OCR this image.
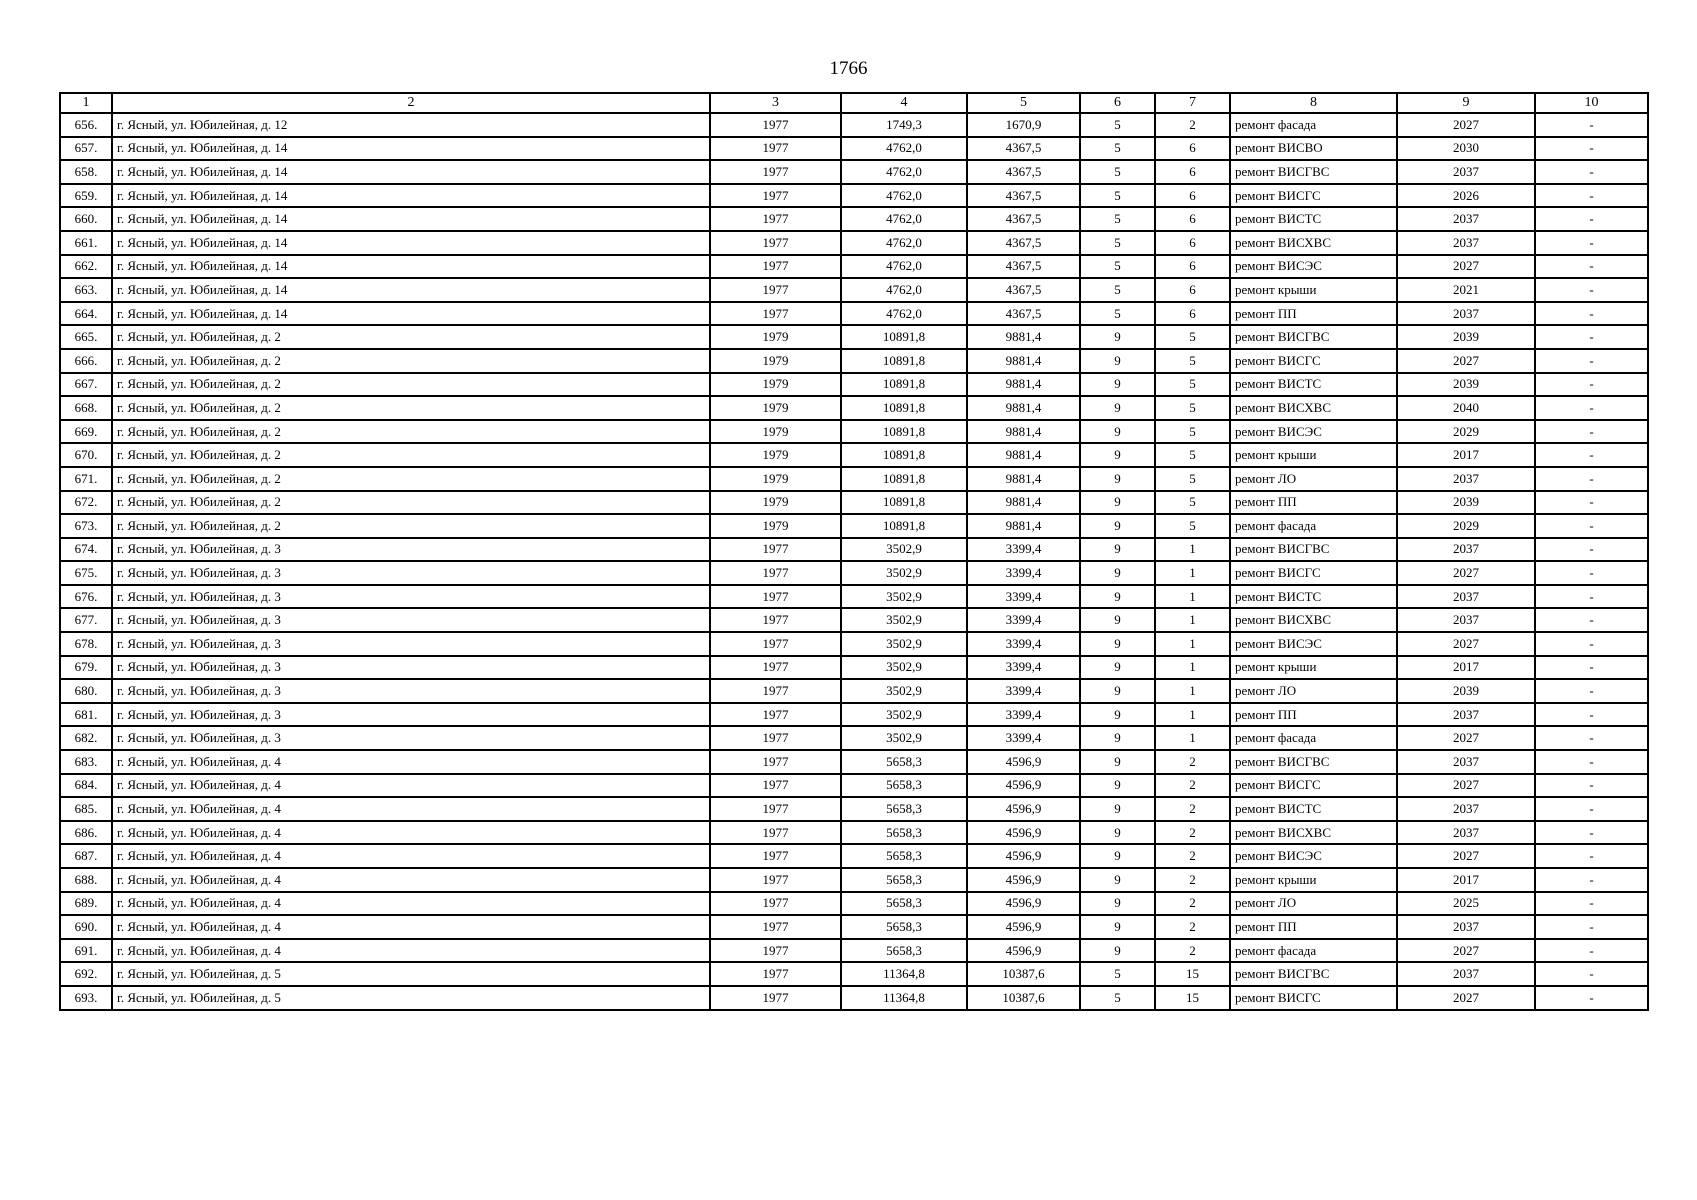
1766
1	2	3	4	5	6	7	8	9	10
656.	г. Ясный, ул. Юбилейная, д. 12	1977	1749,3	1670,9	5	2	ремонт фасада	2027	-
657.	г. Ясный, ул. Юбилейная, д. 14	1977	4762,0	4367,5	5	6	ремонт ВИСВО	2030	-
658.	г. Ясный, ул. Юбилейная, д. 14	1977	4762,0	4367,5	5	6	ремонт ВИСГВС	2037	-
659.	г. Ясный, ул. Юбилейная, д. 14	1977	4762,0	4367,5	5	6	ремонт ВИСГС	2026	-
660.	г. Ясный, ул. Юбилейная, д. 14	1977	4762,0	4367,5	5	6	ремонт ВИСТС	2037	-
661.	г. Ясный, ул. Юбилейная, д. 14	1977	4762,0	4367,5	5	6	ремонт ВИСХВС	2037	-
662.	г. Ясный, ул. Юбилейная, д. 14	1977	4762,0	4367,5	5	6	ремонт ВИСЭС	2027	-
663.	г. Ясный, ул. Юбилейная, д. 14	1977	4762,0	4367,5	5	6	ремонт крыши	2021	-
664.	г. Ясный, ул. Юбилейная, д. 14	1977	4762,0	4367,5	5	6	ремонт ПП	2037	-
665.	г. Ясный, ул. Юбилейная, д. 2	1979	10891,8	9881,4	9	5	ремонт ВИСГВС	2039	-
666.	г. Ясный, ул. Юбилейная, д. 2	1979	10891,8	9881,4	9	5	ремонт ВИСГС	2027	-
667.	г. Ясный, ул. Юбилейная, д. 2	1979	10891,8	9881,4	9	5	ремонт ВИСТС	2039	-
668.	г. Ясный, ул. Юбилейная, д. 2	1979	10891,8	9881,4	9	5	ремонт ВИСХВС	2040	-
669.	г. Ясный, ул. Юбилейная, д. 2	1979	10891,8	9881,4	9	5	ремонт ВИСЭС	2029	-
670.	г. Ясный, ул. Юбилейная, д. 2	1979	10891,8	9881,4	9	5	ремонт крыши	2017	-
671.	г. Ясный, ул. Юбилейная, д. 2	1979	10891,8	9881,4	9	5	ремонт ЛО	2037	-
672.	г. Ясный, ул. Юбилейная, д. 2	1979	10891,8	9881,4	9	5	ремонт ПП	2039	-
673.	г. Ясный, ул. Юбилейная, д. 2	1979	10891,8	9881,4	9	5	ремонт фасада	2029	-
674.	г. Ясный, ул. Юбилейная, д. 3	1977	3502,9	3399,4	9	1	ремонт ВИСГВС	2037	-
675.	г. Ясный, ул. Юбилейная, д. 3	1977	3502,9	3399,4	9	1	ремонт ВИСГС	2027	-
676.	г. Ясный, ул. Юбилейная, д. 3	1977	3502,9	3399,4	9	1	ремонт ВИСТС	2037	-
677.	г. Ясный, ул. Юбилейная, д. 3	1977	3502,9	3399,4	9	1	ремонт ВИСХВС	2037	-
678.	г. Ясный, ул. Юбилейная, д. 3	1977	3502,9	3399,4	9	1	ремонт ВИСЭС	2027	-
679.	г. Ясный, ул. Юбилейная, д. 3	1977	3502,9	3399,4	9	1	ремонт крыши	2017	-
680.	г. Ясный, ул. Юбилейная, д. 3	1977	3502,9	3399,4	9	1	ремонт ЛО	2039	-
681.	г. Ясный, ул. Юбилейная, д. 3	1977	3502,9	3399,4	9	1	ремонт ПП	2037	-
682.	г. Ясный, ул. Юбилейная, д. 3	1977	3502,9	3399,4	9	1	ремонт фасада	2027	-
683.	г. Ясный, ул. Юбилейная, д. 4	1977	5658,3	4596,9	9	2	ремонт ВИСГВС	2037	-
684.	г. Ясный, ул. Юбилейная, д. 4	1977	5658,3	4596,9	9	2	ремонт ВИСГС	2027	-
685.	г. Ясный, ул. Юбилейная, д. 4	1977	5658,3	4596,9	9	2	ремонт ВИСТС	2037	-
686.	г. Ясный, ул. Юбилейная, д. 4	1977	5658,3	4596,9	9	2	ремонт ВИСХВС	2037	-
687.	г. Ясный, ул. Юбилейная, д. 4	1977	5658,3	4596,9	9	2	ремонт ВИСЭС	2027	-
688.	г. Ясный, ул. Юбилейная, д. 4	1977	5658,3	4596,9	9	2	ремонт крыши	2017	-
689.	г. Ясный, ул. Юбилейная, д. 4	1977	5658,3	4596,9	9	2	ремонт ЛО	2025	-
690.	г. Ясный, ул. Юбилейная, д. 4	1977	5658,3	4596,9	9	2	ремонт ПП	2037	-
691.	г. Ясный, ул. Юбилейная, д. 4	1977	5658,3	4596,9	9	2	ремонт фасада	2027	-
692.	г. Ясный, ул. Юбилейная, д. 5	1977	11364,8	10387,6	5	15	ремонт ВИСГВС	2037	-
693.	г. Ясный, ул. Юбилейная, д. 5	1977	11364,8	10387,6	5	15	ремонт ВИСГС	2027	-
